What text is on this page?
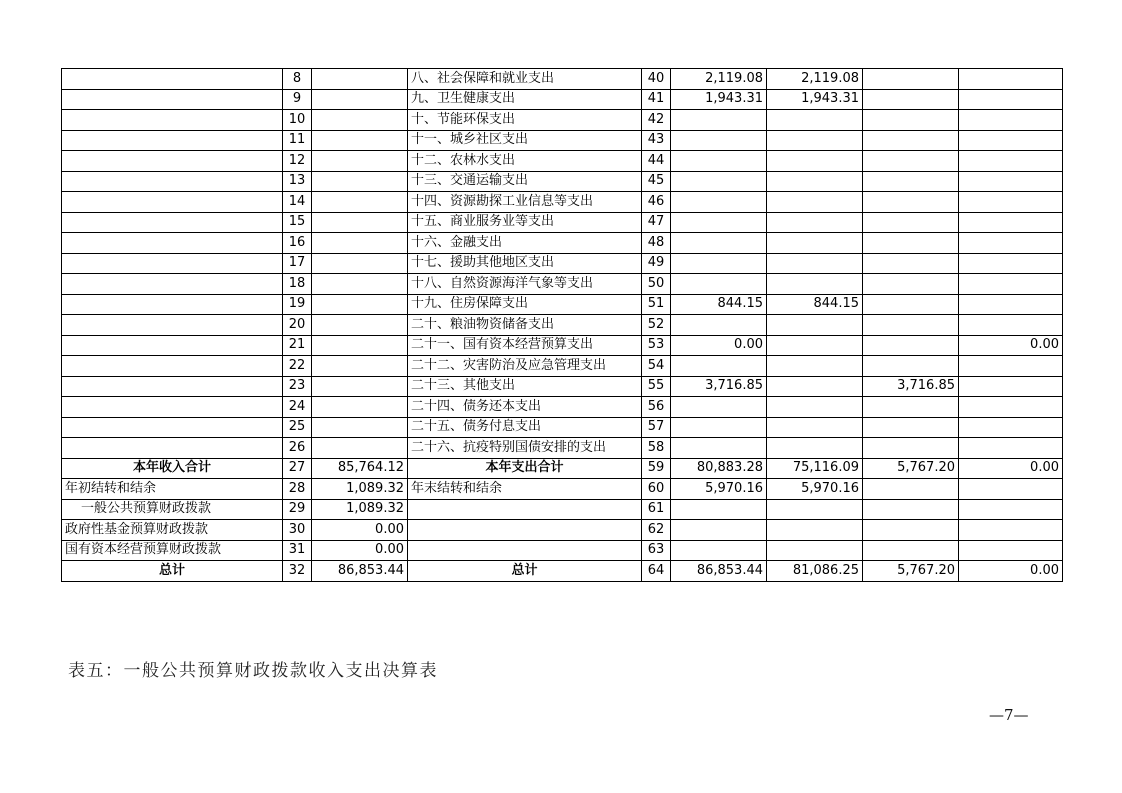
	8		八、社会保障和就业支出	40	2,119.08	2,119.08		
	9		九、卫生健康支出	41	1,943.31	1,943.31		
	10		十、节能环保支出	42				
	11		十一、城乡社区支出	43				
	12		十二、农林水支出	44				
	13		十三、交通运输支出	45				
	14		十四、资源勘探工业信息等支出	46				
	15		十五、商业服务业等支出	47				
	16		十六、金融支出	48				
	17		十七、援助其他地区支出	49				
	18		十八、自然资源海洋气象等支出	50				
	19		十九、住房保障支出	51	844.15	844.15		
	20		二十、粮油物资储备支出	52				
	21		二十一、国有资本经营预算支出	53	0.00			0.00
	22		二十二、灾害防治及应急管理支出	54				
	23		二十三、其他支出	55	3,716.85		3,716.85	
	24		二十四、债务还本支出	56				
	25		二十五、债务付息支出	57				
	26		二十六、抗疫特别国债安排的支出	58				
本年收入合计	27	85,764.12	本年支出合计	59	80,883.28	75,116.09	5,767.20	0.00
年初结转和结余	28	1,089.32	年末结转和结余	60	5,970.16	5,970.16		
一般公共预算财政拨款	29	1,089.32		61				
政府性基金预算财政拨款	30	0.00		62				
国有资本经营预算财政拨款	31	0.00		63				
总计	32	86,853.44	总计	64	86,853.44	81,086.25	5,767.20	0.00
表五：一般公共预算财政拨款收入支出决算表
—7—
